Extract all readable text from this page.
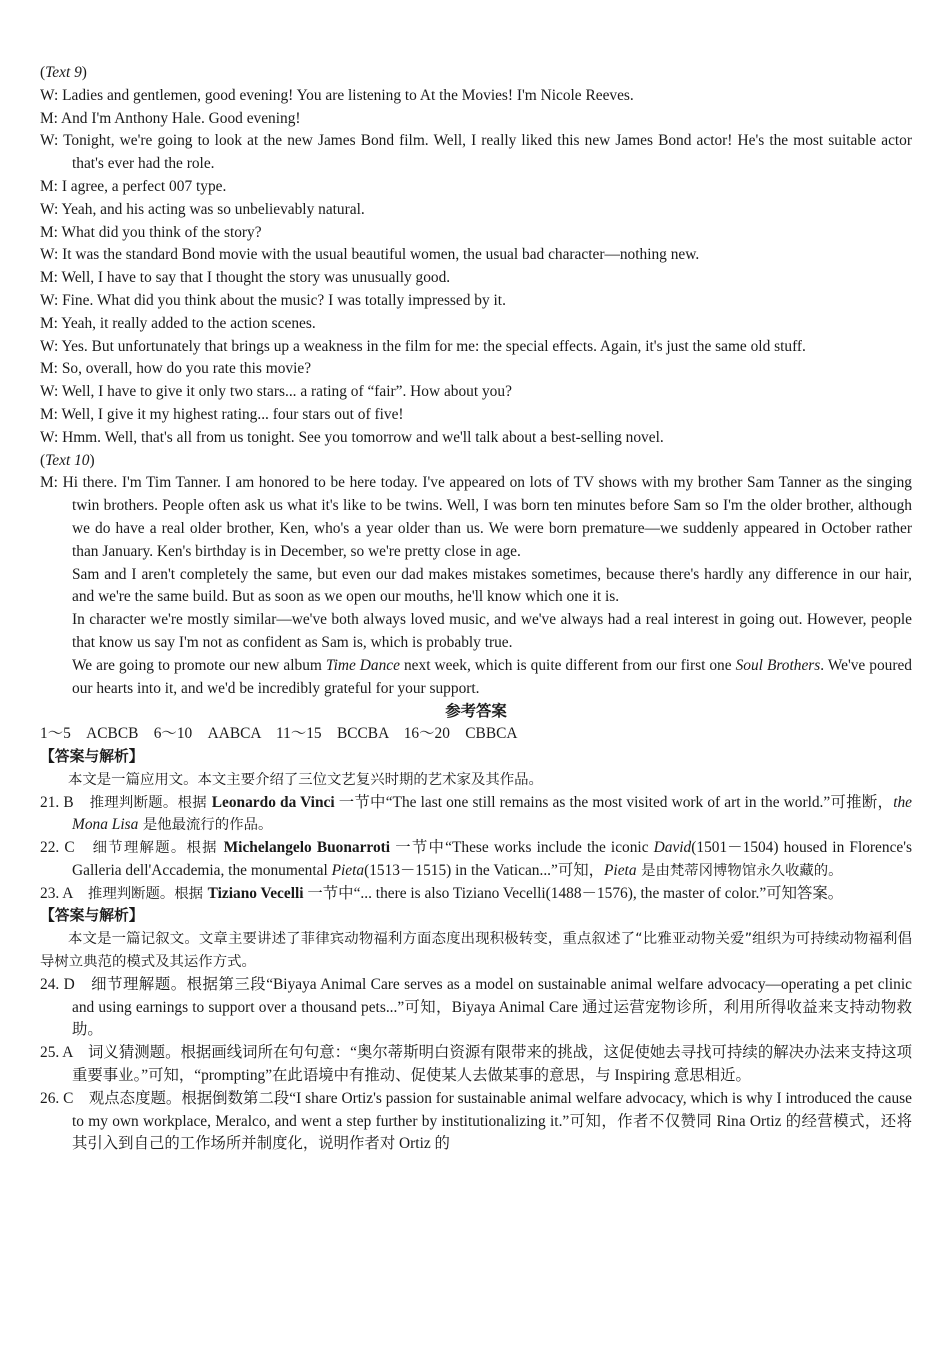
(Text 9)

W: Ladies and gentlemen, good evening! You are listening to At the Movies! I'm Nicole Reeves.

M: And I'm Anthony Hale. Good evening!

W: Tonight, we're going to look at the new James Bond film. Well, I really liked this new James Bond actor! He's the most suitable actor that's ever had the role.

M: I agree, a perfect 007 type.

W: Yeah, and his acting was so unbelievably natural.

M: What did you think of the story?

W: It was the standard Bond movie with the usual beautiful women, the usual bad character—nothing new.

M: Well, I have to say that I thought the story was unusually good.

W: Fine. What did you think about the music? I was totally impressed by it.

M: Yeah, it really added to the action scenes.

W: Yes. But unfortunately that brings up a weakness in the film for me: the special effects. Again, it's just the same old stuff.

M: So, overall, how do you rate this movie?

W: Well, I have to give it only two stars... a rating of “fair”. How about you?

M: Well, I give it my highest rating... four stars out of five!

W: Hmm. Well, that's all from us tonight. See you tomorrow and we'll talk about a best-selling novel.

(Text 10)

M: Hi there. I'm Tim Tanner. I am honored to be here today. I've appeared on lots of TV shows with my brother Sam Tanner as the singing twin brothers. People often ask us what it's like to be twins. Well, I was born ten minutes before Sam so I'm the older brother, although we do have a real older brother, Ken, who's a year older than us. We were born premature—we suddenly appeared in October rather than January. Ken's birthday is in December, so we're pretty close in age.

Sam and I aren't completely the same, but even our dad makes mistakes sometimes, because there's hardly any difference in our hair, and we're the same build. But as soon as we open our mouths, he'll know which one it is.

In character we're mostly similar—we've both always loved music, and we've always had a real interest in going out. However, people that know us say I'm not as confident as Sam is, which is probably true.

We are going to promote our new album Time Dance next week, which is quite different from our first one Soul Brothers. We've poured our hearts into it, and we'd be incredibly grateful for your support.

参考答案

1～5　ACBCB　6～10　AABCA　11～15　BCCBA　16～20　CBBCA

【答案与解析】

本文是一篇应用文。本文主要介绍了三位文艺复兴时期的艺术家及其作品。

21. B　 推理判断题。根据 Leonardo da Vinci 一节中“The last one still remains as the most visited work of art in the world.”可推断，the Mona Lisa 是他最流行的作品。

22. C　 细节理解题。根据 Michelangelo Buonarroti 一节中“These works include the iconic David(1501－1504) housed in Florence's Galleria dell'Accademia, the monumental Pieta(1513－1515) in the Vatican...”可知，Pieta 是由梵蒂冈博物馆永久收藏的。

23. A　 推理判断题。根据 Tiziano Vecelli 一节中“... there is also Tiziano Vecelli(1488－1576), the master of color.”可知答案。

【答案与解析】

本文是一篇记叙文。文章主要讲述了菲律宾动物福利方面态度出现积极转变，重点叙述了“比雅亚动物关爱”组织为可持续动物福利倡导树立典范的模式及其运作方式。

24. D　 细节理解题。根据第三段“Biyaya Animal Care serves as a model on sustainable animal welfare advocacy—operating a pet clinic and using earnings to support over a thousand pets...”可知，Biyaya Animal Care 通过运营宠物诊所，利用所得收益来支持动物救助。

25. A　 词义猜测题。根据画线词所在句句意：“奥尔蒂斯明白资源有限带来的挑战，这促使她去寻找可持续的解决办法来支持这项重要事业。”可知，“prompting”在此语境中有推动、促使某人去做某事的意思，与 Inspiring 意思相近。

26. C　 观点态度题。根据倒数第二段“I share Ortiz's passion for sustainable animal welfare advocacy, which is why I introduced the cause to my own workplace, Meralco, and went a step further by institutionalizing it.”可知，作者不仅赞同 Rina Ortiz 的经营模式，还将其引入到自己的工作场所并制度化，说明作者对 Ortiz 的
